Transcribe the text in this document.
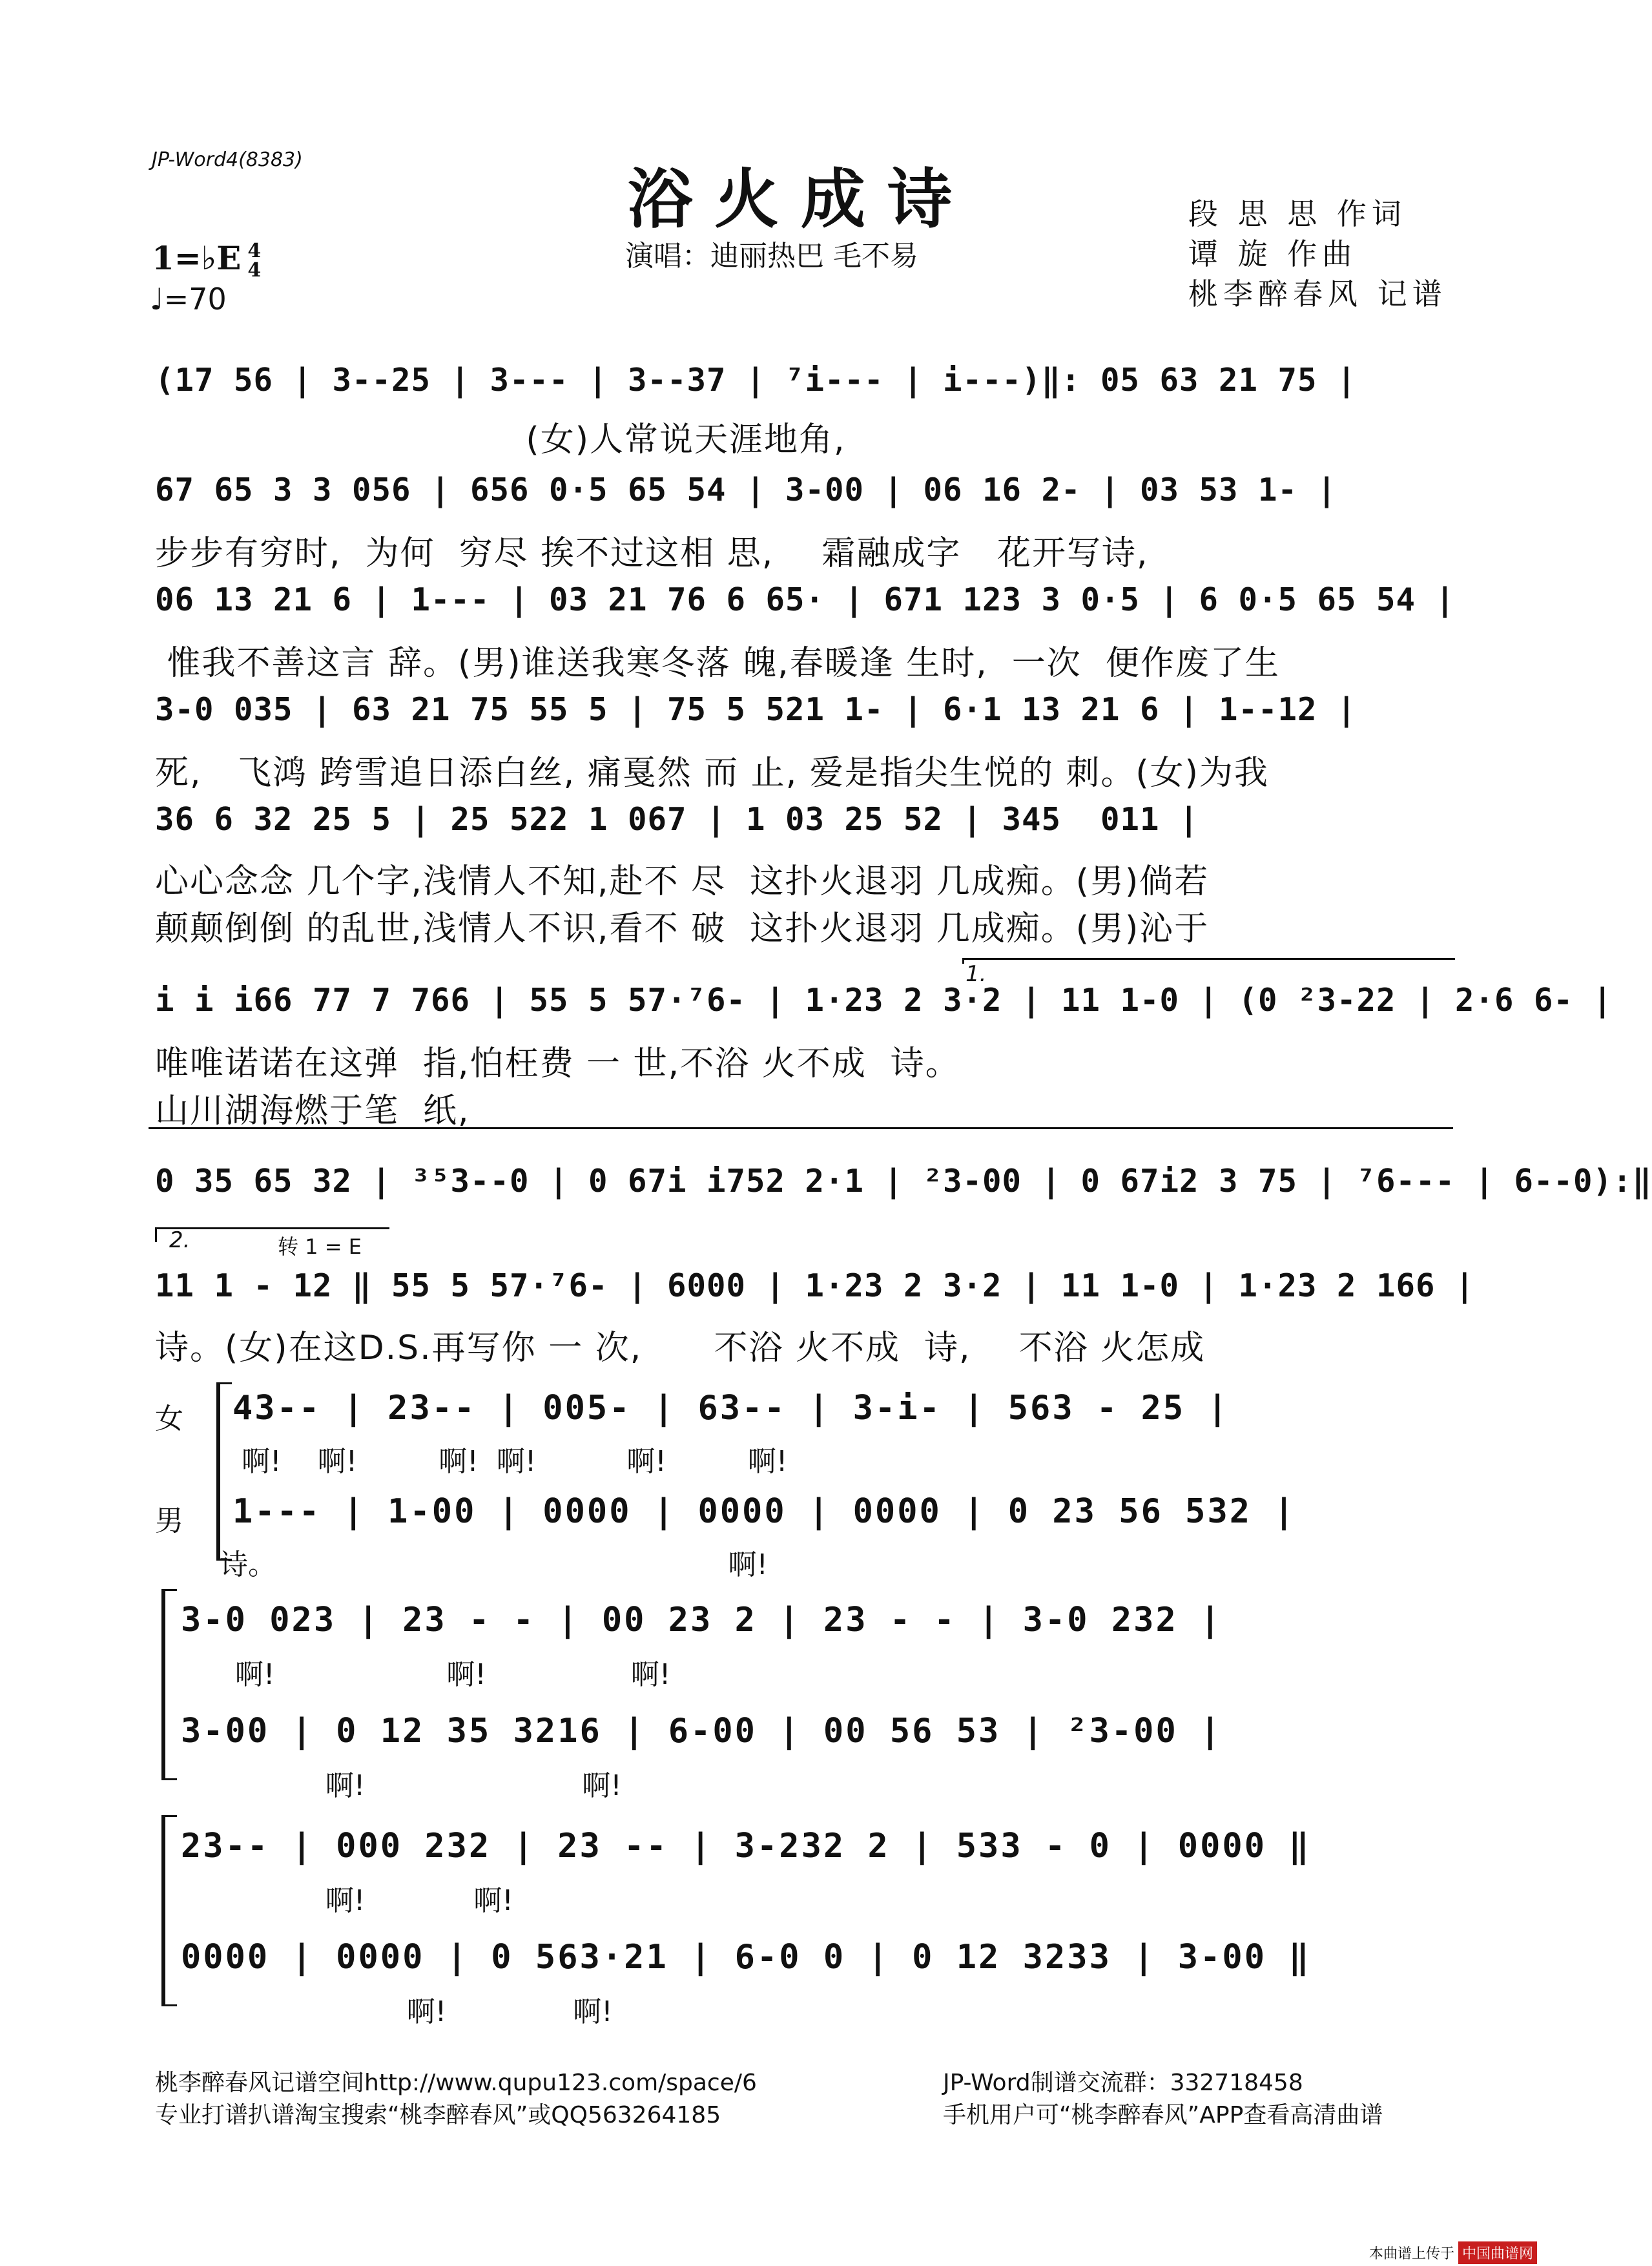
JP-Word4(8383)
浴火成诗
演唱：迪丽热巴 毛不易
段 思 思 作词
谭 旋 作曲
桃李醉春风 记谱
1=♭E 4
4
♩=70
(17 56 | 3--25 | 3--- | 3--37 | ⁷i--- | i---)‖: 05 63 21 75 |
(女)人常说天涯地角,
67 65 3 3 056 | 656 0·5 65 54 | 3-00 | 06 16 2- | 03 53 1- |
步步有穷时,  为何  穷尽 挨不过这相 思,    霜融成字   花开写诗,
06 13 21 6 | 1--- | 03 21 76 6 65· | 671 123 3 0·5 | 6 0·5 65 54 |
惟我不善这言 辞。(男)谁送我寒冬落 魄,春暖逢 生时,  一次  便作废了生
3-0 035 | 63 21 75 55 5 | 75 5 521 1- | 6·1 13 21 6 | 1--12 |
死,   飞鸿 跨雪追日添白丝, 痛戛然 而 止, 爱是指尖生悦的 刺。(女)为我
36 6 32 25 5 | 25 522 1 067 | 1 03 25 52 | 345  011 |
心心念念 几个字,浅情人不知,赴不 尽  这扑火退羽 几成痴。(男)倘若
颠颠倒倒 的乱世,浅情人不识,看不 破  这扑火退羽 几成痴。(男)沁于
i i i66 77 7 766 | 55 5 57·⁷6- | 1·23 2 3·2 | 11 1-0 | (0 ²3-22 | 2·6 6- |
唯唯诺诺在这弹  指,怕枉费 一 世,不浴 火不成  诗。
山川湖海燃于笔  纸,
0 35 65 32 | ³⁵3--0 | 0 67i i752 2·1 | ²3-00 | 0 67i2 3 75 | ⁷6--- | 6--0):‖
2.
1.
转 1 = E
11 1 - 12 ‖ 55 5 57·⁷6- | 6000 | 1·23 2 3·2 | 11 1-0 | 1·23 2 166 |
诗。(女)在这D.S.再写你 一 次,      不浴 火不成  诗,    不浴 火怎成
女
男
43-- | 23-- | 005- | 63-- | 3-i- | 563 - 25 |
啊!    啊!         啊!  啊!          啊!         啊!
1--- | 1-00 | 0000 | 0000 | 0000 | 0 23 56 532 |
诗。                                                  啊!
3-0 023 | 23 - - | 00 23 2 | 23 - - | 3-0 232 |
啊!                   啊!                啊!
3-00 | 0 12 35 3216 | 6-00 | 00 56 53 | ²3-00 |
啊!                        啊!
23-- | 000 232 | 23 -- | 3-232 2 | 533 - 0 | 0000 ‖
啊!            啊!
0000 | 0000 | 0 563·21 | 6-0 0 | 0 12 3233 | 3-00 ‖
啊!              啊!
桃李醉春风记谱空间http://www.qupu123.com/space/6
专业打谱扒谱淘宝搜索“桃李醉春风”或QQ563264185
JP-Word制谱交流群：332718458
手机用户可“桃李醉春风”APP查看高清曲谱
本曲谱上传于 中国曲谱网
